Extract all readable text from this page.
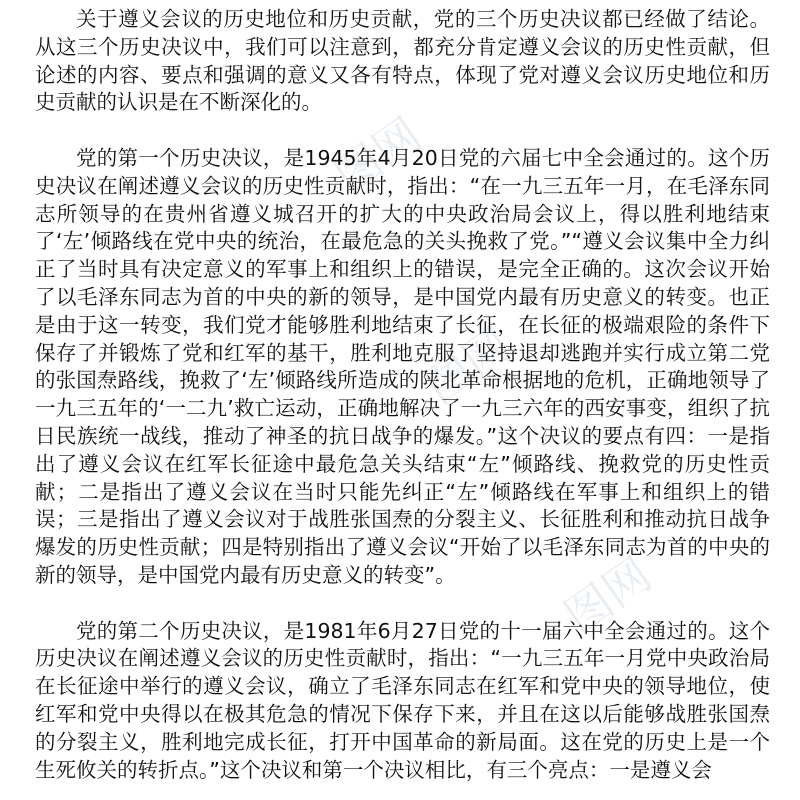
图网
图网
图网

关于遵义会议的历史地位和历史贡献，党的三个历史决议都已经做了结论。从这三个历史决议中，我们可以注意到，都充分肯定遵义会议的历史性贡献，但论述的内容、要点和强调的意义又各有特点，体现了党对遵义会议历史地位和历史贡献的认识是在不断深化的。

党的第一个历史决议，是1945年4月20日党的六届七中全会通过的。这个历史决议在阐述遵义会议的历史性贡献时，指出：“在一九三五年一月，在毛泽东同志所领导的在贵州省遵义城召开的扩大的中央政治局会议上，得以胜利地结束了‘左’倾路线在党中央的统治，在最危急的关头挽救了党。”“遵义会议集中全力纠正了当时具有决定意义的军事上和组织上的错误，是完全正确的。这次会议开始了以毛泽东同志为首的中央的新的领导，是中国党内最有历史意义的转变。也正是由于这一转变，我们党才能够胜利地结束了长征，在长征的极端艰险的条件下保存了并锻炼了党和红军的基干，胜利地克服了坚持退却逃跑并实行成立第二党的张国焘路线，挽救了‘左’倾路线所造成的陕北革命根据地的危机，正确地领导了一九三五年的‘一二九’救亡运动，正确地解决了一九三六年的西安事变，组织了抗日民族统一战线，推动了神圣的抗日战争的爆发。”这个决议的要点有四：一是指出了遵义会议在红军长征途中最危急关头结束“左”倾路线、挽救党的历史性贡献；二是指出了遵义会议在当时只能先纠正“左”倾路线在军事上和组织上的错误；三是指出了遵义会议对于战胜张国焘的分裂主义、长征胜利和推动抗日战争爆发的历史性贡献；四是特别指出了遵义会议“开始了以毛泽东同志为首的中央的新的领导，是中国党内最有历史意义的转变”。

党的第二个历史决议，是1981年6月27日党的十一届六中全会通过的。这个历史决议在阐述遵义会议的历史性贡献时，指出：“一九三五年一月党中央政治局在长征途中举行的遵义会议，确立了毛泽东同志在红军和党中央的领导地位，使红军和党中央得以在极其危急的情况下保存下来，并且在这以后能够战胜张国焘的分裂主义，胜利地完成长征，打开中国革命的新局面。这在党的历史上是一个生死攸关的转折点。”这个决议和第一个决议相比，有三个亮点：一是遵义会
